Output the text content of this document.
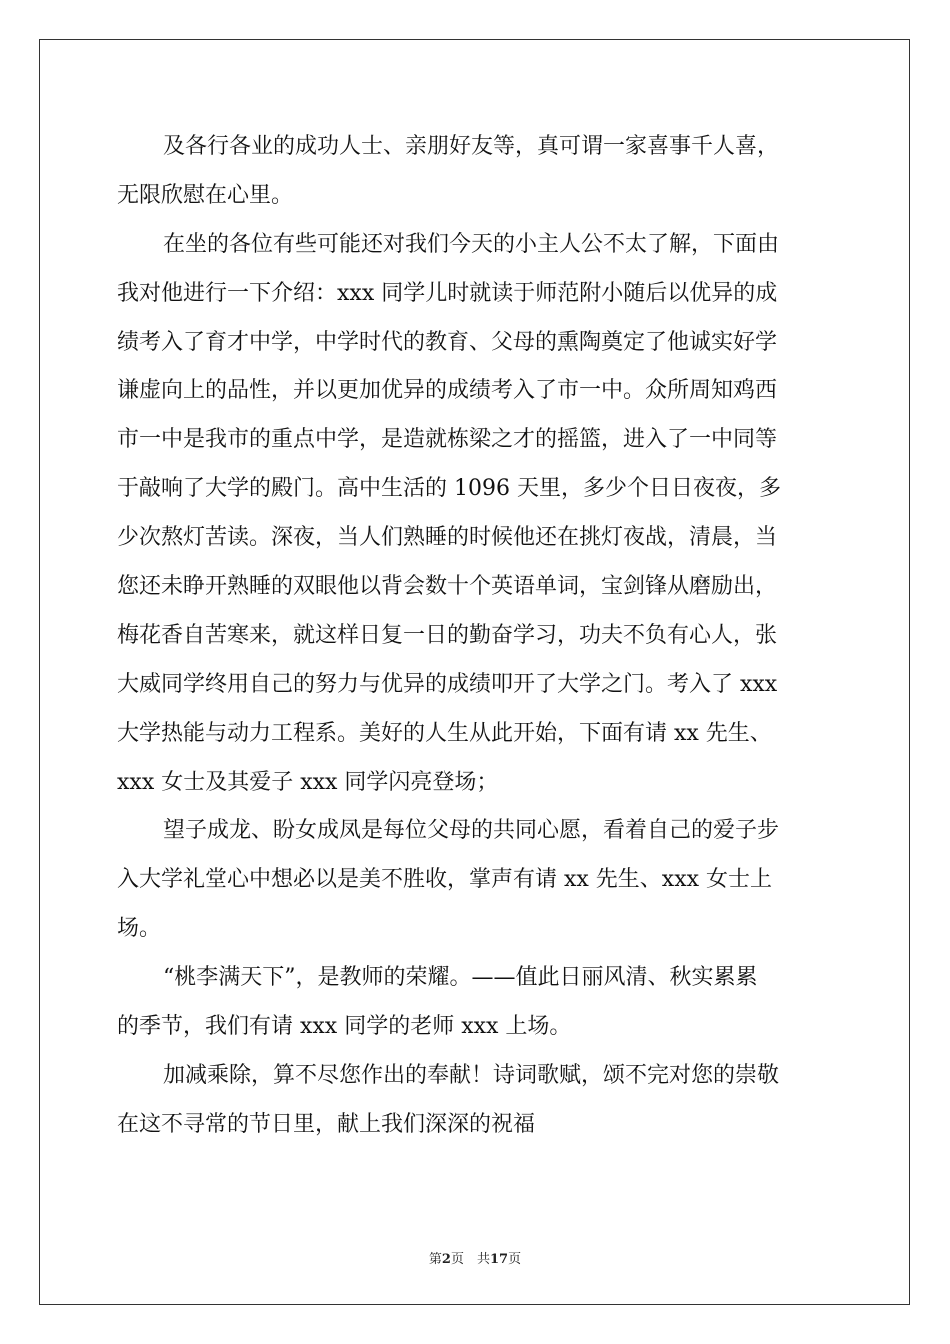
及各行各业的成功人士、亲朋好友等，真可谓一家喜事千人喜，
无限欣慰在心里。
在坐的各位有些可能还对我们今天的小主人公不太了解，下面由
我对他进行一下介绍：xxx 同学儿时就读于师范附小随后以优异的成
绩考入了育才中学，中学时代的教育、父母的熏陶奠定了他诚实好学
谦虚向上的品性，并以更加优异的成绩考入了市一中。众所周知鸡西
市一中是我市的重点中学，是造就栋梁之才的摇篮，进入了一中同等
于敲响了大学的殿门。高中生活的 1096 天里，多少个日日夜夜，多
少次熬灯苦读。深夜，当人们熟睡的时候他还在挑灯夜战，清晨，当
您还未睁开熟睡的双眼他以背会数十个英语单词，宝剑锋从磨励出，
梅花香自苦寒来，就这样日复一日的勤奋学习，功夫不负有心人，张
大威同学终用自己的努力与优异的成绩叩开了大学之门。考入了 xxx
大学热能与动力工程系。美好的人生从此开始，下面有请 xx 先生、
xxx 女士及其爱子 xxx 同学闪亮登场；
望子成龙、盼女成凤是每位父母的共同心愿，看着自己的爱子步
入大学礼堂心中想必以是美不胜收，掌声有请 xx 先生、xxx 女士上
场。
“桃李满天下”，是教师的荣耀。——值此日丽风清、秋实累累
的季节，我们有请 xxx 同学的老师 xxx 上场。
加减乘除，算不尽您作出的奉献！诗词歌赋，颂不完对您的崇敬
在这不寻常的节日里，献上我们深深的祝福
第2页　共17页
